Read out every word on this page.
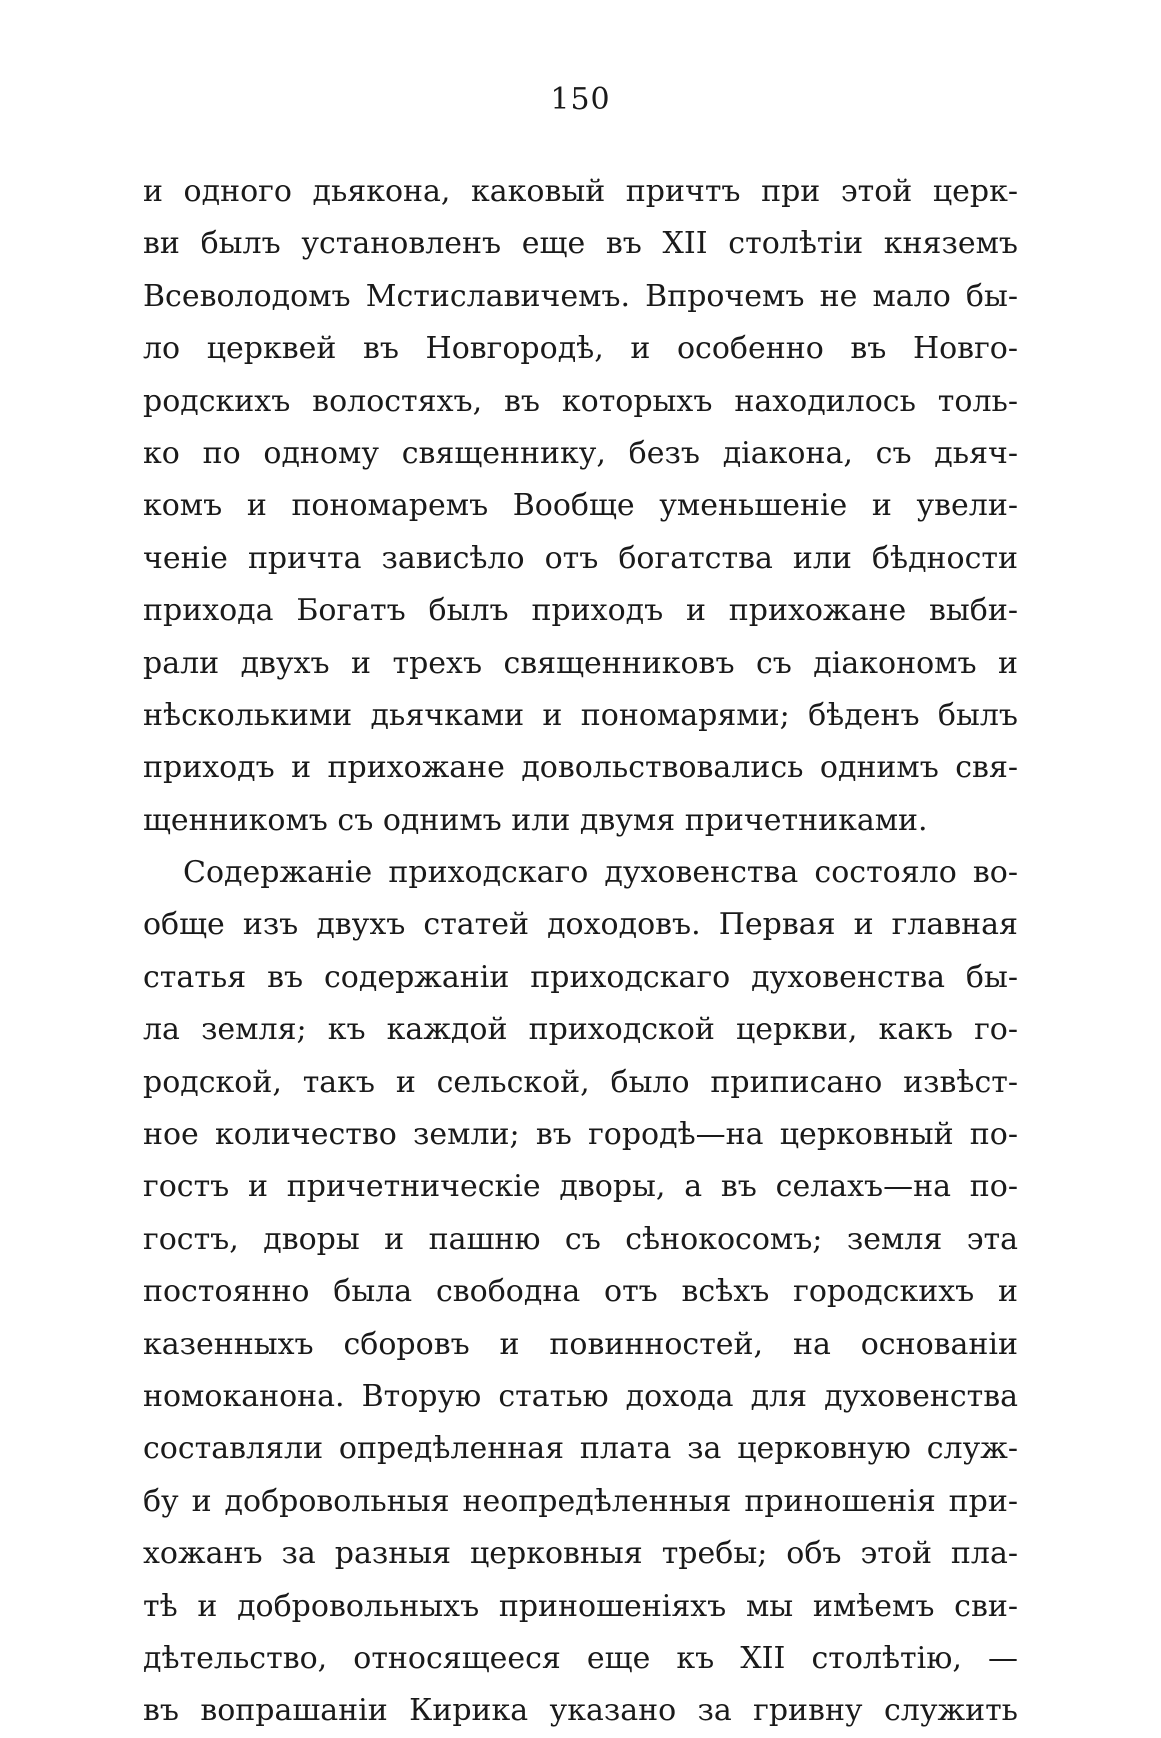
150
и одного дьякона, каковый причтъ при этой церк-
ви былъ установленъ еще въ XII столѣтіи княземъ
Всеволодомъ Мстиславичемъ. Впрочемъ не мало бы-
ло церквей въ Новгородѣ, и особенно въ Новго-
родскихъ волостяхъ, въ которыхъ находилось толь-
ко по одному священнику, безъ діакона, съ дьяч-
комъ и пономаремъ Вообще уменьшеніе и увели-
ченіе причта зависѣло отъ богатства или бѣдности
прихода Богатъ былъ приходъ и прихожане выби-
рали двухъ и трехъ священниковъ съ діакономъ и
нѣсколькими дьячками и пономарями; бѣденъ былъ
приходъ и прихожане довольствовались однимъ свя-
щенникомъ съ однимъ или двумя причетниками.
Содержаніе приходскаго духовенства состояло во-
обще изъ двухъ статей доходовъ. Первая и главная
статья въ содержаніи приходскаго духовенства бы-
ла земля; къ каждой приходской церкви, какъ го-
родской, такъ и сельской, было приписано извѣст-
ное количество земли; въ городѣ—на церковный по-
гостъ и причетническіе дворы, а въ селахъ—на по-
гостъ, дворы и пашню съ сѣнокосомъ; земля эта
постоянно была свободна отъ всѣхъ городскихъ и
казенныхъ сборовъ и повинностей, на основаніи
номоканона. Вторую статью дохода для духовенства
составляли опредѣленная плата за церковную служ-
бу и добровольныя неопредѣленныя приношенія при-
хожанъ за разныя церковныя требы; объ этой пла-
тѣ и добровольныхъ приношеніяхъ мы имѣемъ сви-
дѣтельство, относящееся еще къ XII столѣтію, —
въ вопрашаніи Кирика указано за гривну служить
